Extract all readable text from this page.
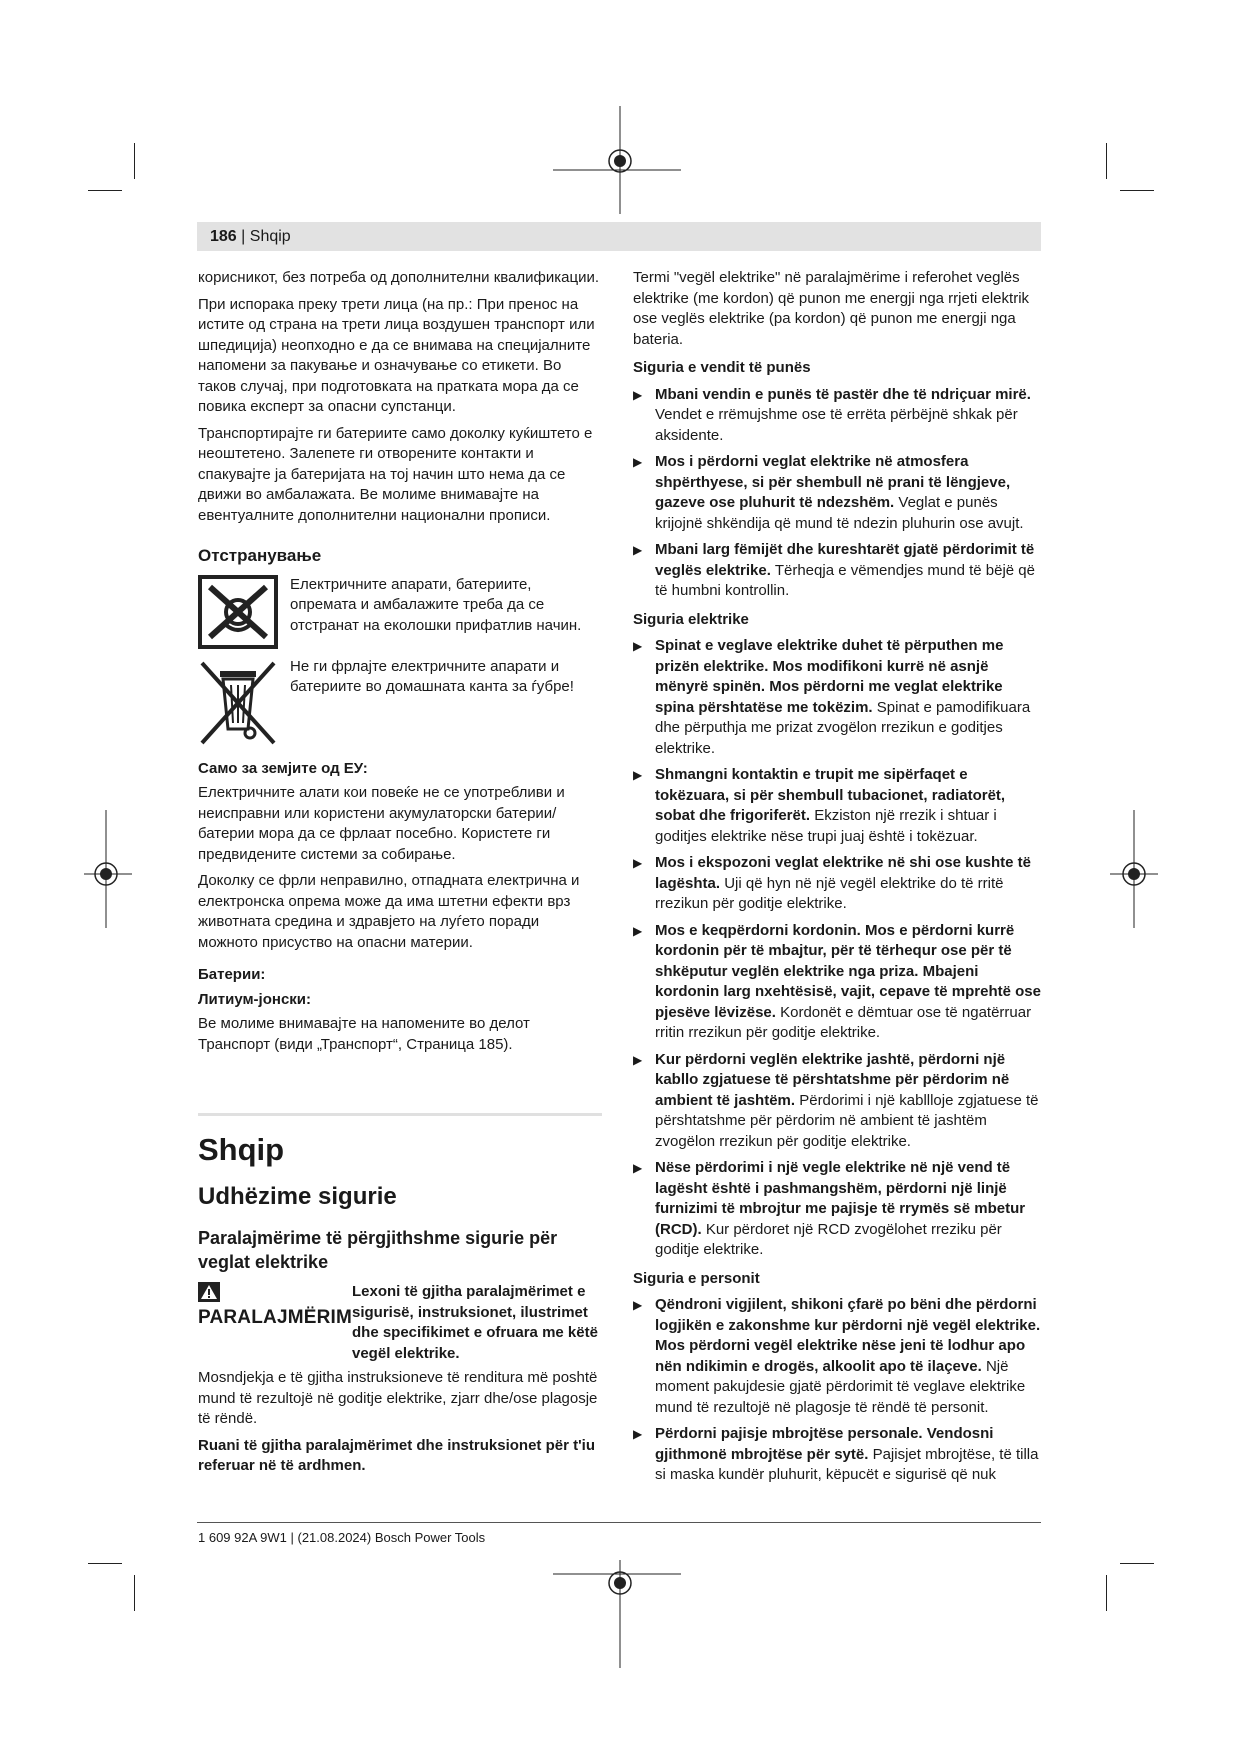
186 | Shqip

корисникот, без потреба од дополнителни квалификации.

При испорака преку трети лица (на пр.: При пренос на истите од страна на трети лица воздушен транспорт или шпедиција) неопходно е да се внимава на специјалните напомени за пакување и означување со етикети. Во таков случај, при подготовката на пратката мора да се повика експерт за опасни супстанци.

Транспортирајте ги батериите само доколку куќиштето е неоштетено. Залепете ги отворените контакти и спакувајте ја батеријата на тој начин што нема да се движи во амбалажата. Ве молиме внимавајте на евентуалните дополнителни национални прописи.

Отстранување

Електричните апарати, батериите, опремата и амбалажите треба да се отстранат на еколошки прифатлив начин.
Не ги фрлајте електричните апарати и батериите во домашната канта за ѓубре!

Само за земјите од ЕУ:

Електричните алати кои повеќе не се употребливи и неисправни или користени акумулаторски батерии/батерии мора да се фрлаат посебно. Користете ги предвидените системи за собирање.

Доколку се фрли неправилно, отпадната електрична и електронска опрема може да има штетни ефекти врз животната средина и здравјето на луѓето поради можното присуство на опасни материи.

Батерии:

Литиум-јонски:

Ве молиме внимавајте на напомените во делот Транспорт (види „Транспорт“, Страница 185).

Shqip

Udhëzime sigurie

Paralajmërime të përgjithshme sigurie për veglat elektrike

PARALAJMËRIM
Lexoni të gjitha paralajmërimet e sigurisë, instruksionet, ilustrimet dhe specifikimet e ofruara me këtë vegël elektrike.

Mosndjekja e të gjitha instruksioneve të renditura më poshtë mund të rezultojë në goditje elektrike, zjarr dhe/ose plagosje të rëndë.

Ruani të gjitha paralajmërimet dhe instruksionet për t'iu referuar në të ardhmen.

Termi "vegël elektrike" në paralajmërime i referohet veglës elektrike (me kordon) që punon me energji nga rrjeti elektrik ose veglës elektrike (pa kordon) që punon me energji nga bateria.

Siguria e vendit të punës

▶ Mbani vendin e punës të pastër dhe të ndriçuar mirë. Vendet e rrëmujshme ose të errëta përbëjnë shkak për aksidente.

▶ Mos i përdorni veglat elektrike në atmosfera shpërthyese, si për shembull në prani të lëngjeve, gazeve ose pluhurit të ndezshëm. Veglat e punës krijojnë shkëndija që mund të ndezin pluhurin ose avujt.

▶ Mbani larg fëmijët dhe kureshtarët gjatë përdorimit të veglës elektrike. Tërheqja e vëmendjes mund të bëjë që të humbni kontrollin.

Siguria elektrike

▶ Spinat e veglave elektrike duhet të përputhen me prizën elektrike. Mos modifikoni kurrë në asnjë mënyrë spinën. Mos përdorni me veglat elektrike spina përshtatëse me tokëzim. Spinat e pamodifikuara dhe përputhja me prizat zvogëlon rrezikun e goditjes elektrike.

▶ Shmangni kontaktin e trupit me sipërfaqet e tokëzuara, si për shembull tubacionet, radiatorët, sobat dhe frigoriferët. Ekziston një rrezik i shtuar i goditjes elektrike nëse trupi juaj është i tokëzuar.

▶ Mos i ekspozoni veglat elektrike në shi ose kushte të lagështa. Uji që hyn në një vegël elektrike do të rritë rrezikun për goditje elektrike.

▶ Mos e keqpërdorni kordonin. Mos e përdorni kurrë kordonin për të mbajtur, për të tërhequr ose për të shkëputur veglën elektrike nga priza. Mbajeni kordonin larg nxehtësisë, vajit, cepave të mprehtë ose pjesëve lëvizëse. Kordonët e dëmtuar ose të ngatërruar rritin rrezikun për goditje elektrike.

▶ Kur përdorni veglën elektrike jashtë, përdorni një kabllo zgjatuese të përshtatshme për përdorim në ambient të jashtëm. Përdorimi i një kabllloje zgjatuese të përshtatshme për përdorim në ambient të jashtëm zvogëlon rrezikun për goditje elektrike.

▶ Nëse përdorimi i një vegle elektrike në një vend të lagësht është i pashmangshëm, përdorni një linjë furnizimi të mbrojtur me pajisje të rrymës së mbetur (RCD). Kur përdoret një RCD zvogëlohet rreziku për goditje elektrike.

Siguria e personit

▶ Qëndroni vigjilent, shikoni çfarë po bëni dhe përdorni logjikën e zakonshme kur përdorni një vegël elektrike. Mos përdorni vegël elektrike nëse jeni të lodhur apo nën ndikimin e drogës, alkoolit apo të ilaçeve. Një moment pakujdesie gjatë përdorimit të veglave elektrike mund të rezultojë në plagosje të rëndë të personit.

▶ Përdorni pajisje mbrojtëse personale. Vendosni gjithmonë mbrojtëse për sytë. Pajisjet mbrojtëse, të tilla si maska kundër pluhurit, këpucët e sigurisë që nuk

1 609 92A 9W1 | (21.08.2024) Bosch Power Tools
